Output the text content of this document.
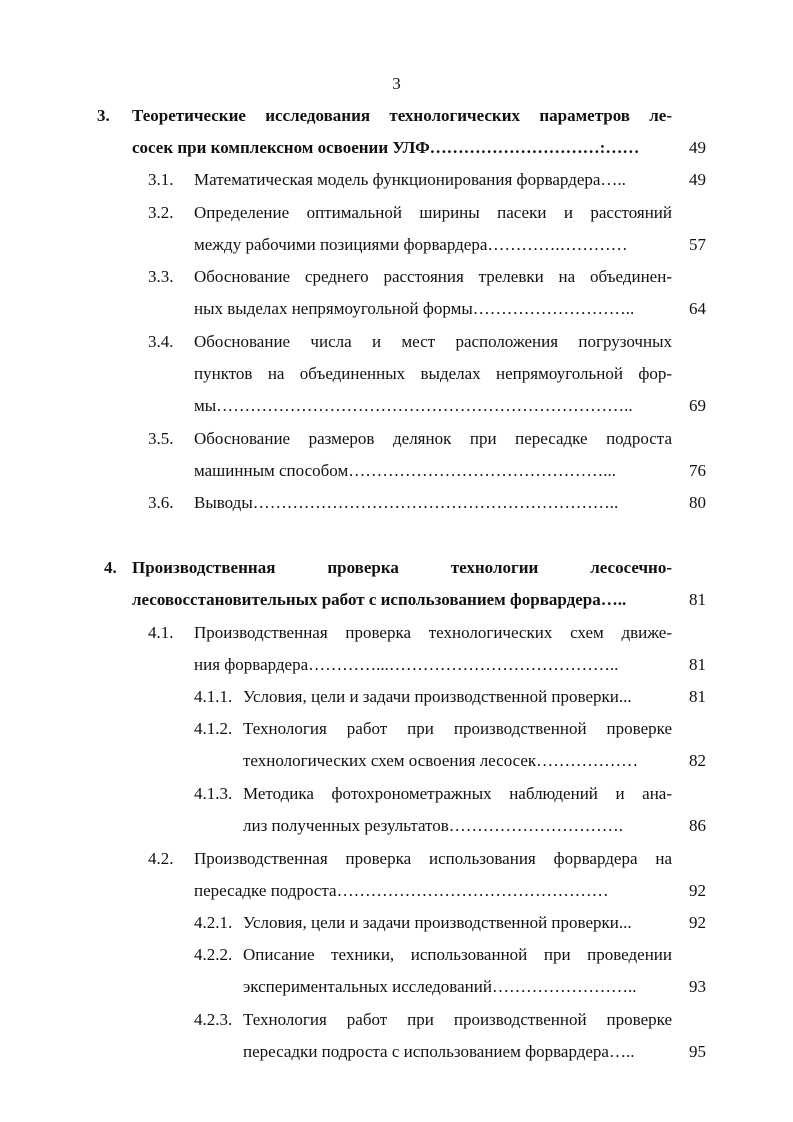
3
3. Теоретические исследования технологических параметров ле-
сосек при комплексном освоении УЛФ…………………………:……	49
3.1. Математическая модель функционирования форвардера…..	49
3.2. Определение оптимальной ширины пасеки и расстояний
между рабочими позициями форвардера………….…………	57
3.3. Обоснование среднего расстояния трелевки на объединен-
ных выделах непрямоугольной формы………………………..	64
3.4. Обоснование числа и мест расположения погрузочных
пунктов на объединенных выделах непрямоугольной фор-
мы………………………………………………………………..	69
3.5. Обоснование размеров делянок при пересадке подроста
машинным способом………………………………………...	76
3.6. Выводы………………………………………………………..	80
4. Производственная проверка технологии лесосечно-
лесовосстановительных работ с использованием форвардера…..	81
4.1. Производственная проверка технологических схем движе-
ния форвардера…………...…………………………………..	81
4.1.1. Условия, цели и задачи производственной проверки...	81
4.1.2. Технология работ при производственной проверке
технологических схем освоения лесосек………………	82
4.1.3. Методика фотохронометражных наблюдений и ана-
лиз полученных результатов………………………….	86
4.2. Производственная проверка использования форвардера на
пересадке подроста…………………………………………	92
4.2.1. Условия, цели и задачи производственной проверки...	92
4.2.2. Описание техники, использованной при проведении
экспериментальных исследований……………………..	93
4.2.3. Технология работ при производственной проверке
пересадки подроста с использованием форвардера…..	95
